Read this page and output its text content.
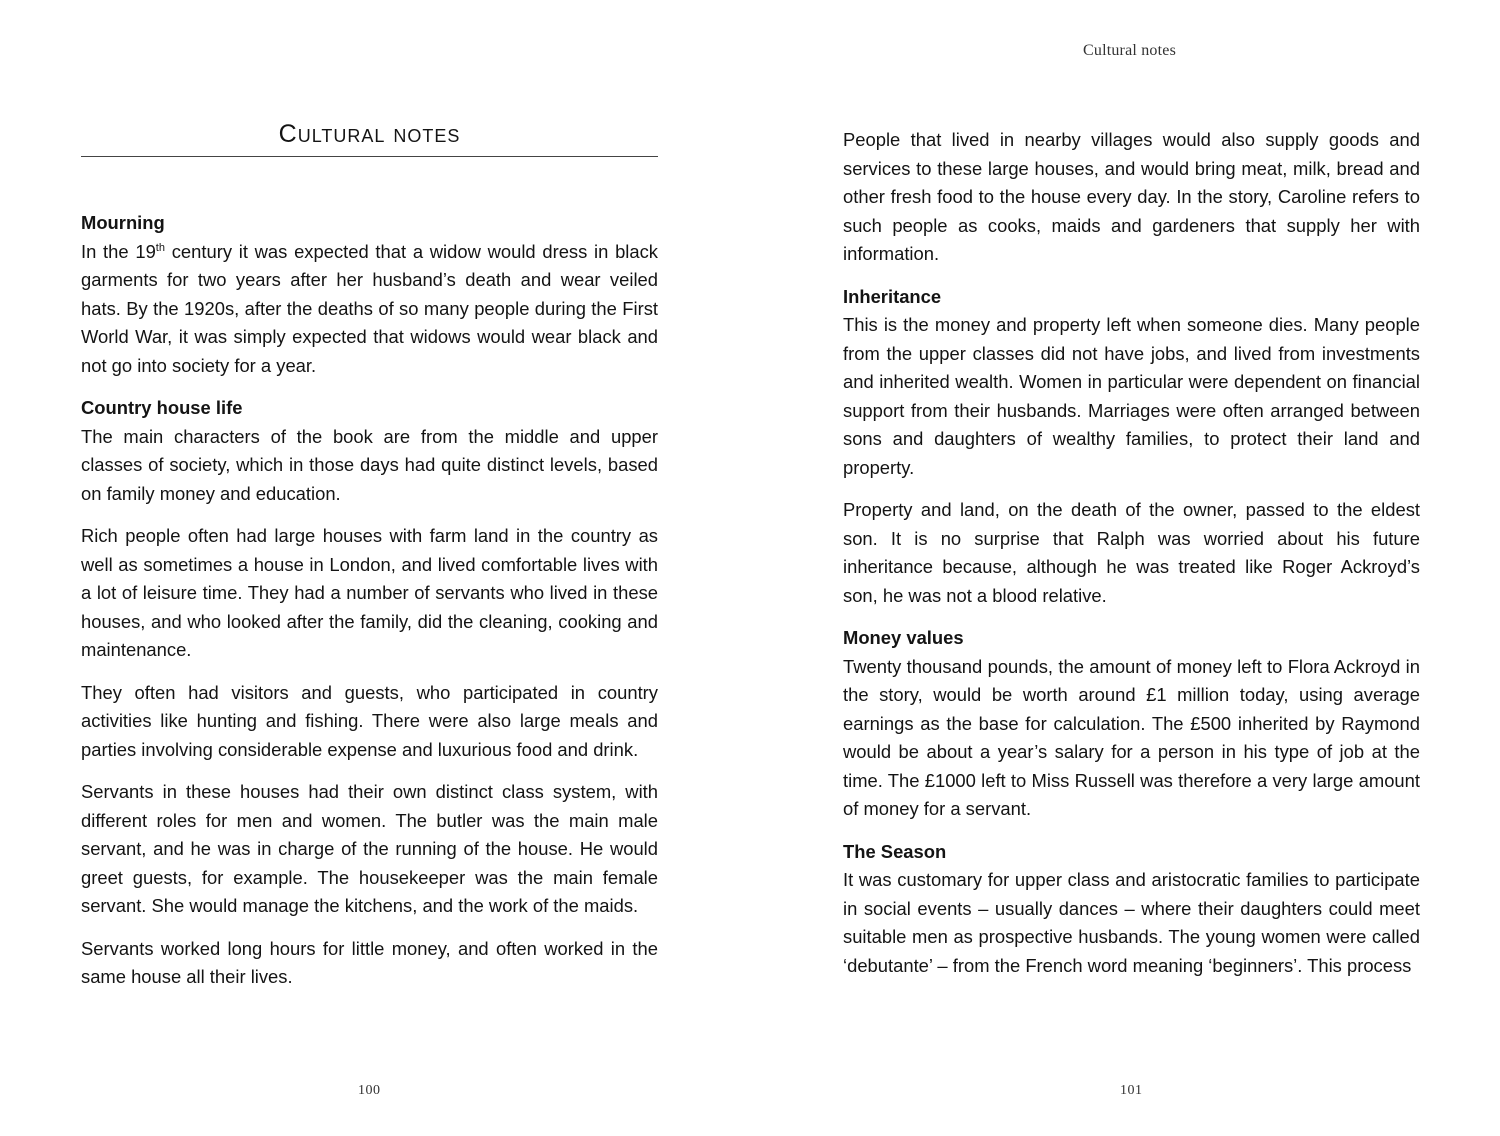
Cultural notes
Mourning

In the 19th century it was expected that a widow would dress in black garments for two years after her husband’s death and wear veiled hats. By the 1920s, after the deaths of so many people during the First World War, it was simply expected that widows would wear black and not go into society for a year.

Country house life

The main characters of the book are from the middle and upper classes of society, which in those days had quite distinct levels, based on family money and education.

Rich people often had large houses with farm land in the country as well as sometimes a house in London, and lived comfortable lives with a lot of leisure time. They had a number of servants who lived in these houses, and who looked after the family, did the cleaning, cooking and maintenance.

They often had visitors and guests, who participated in country activities like hunting and fishing. There were also large meals and parties involving considerable expense and luxurious food and drink.

Servants in these houses had their own distinct class system, with different roles for men and women. The butler was the main male servant, and he was in charge of the running of the house. He would greet guests, for example. The housekeeper was the main female servant. She would manage the kitchens, and the work of the maids.

Servants worked long hours for little money, and often worked in the same house all their lives.

100
Cultural notes

People that lived in nearby villages would also supply goods and services to these large houses, and would bring meat, milk, bread and other fresh food to the house every day. In the story, Caroline refers to such people as cooks, maids and gardeners that supply her with information.

Inheritance

This is the money and property left when someone dies. Many people from the upper classes did not have jobs, and lived from investments and inherited wealth. Women in particular were dependent on financial support from their husbands. Marriages were often arranged between sons and daughters of wealthy families, to protect their land and property.

Property and land, on the death of the owner, passed to the eldest son. It is no surprise that Ralph was worried about his future inheritance because, although he was treated like Roger Ackroyd’s son, he was not a blood relative.

Money values

Twenty thousand pounds, the amount of money left to Flora Ackroyd in the story, would be worth around £1 million today, using average earnings as the base for calculation. The £500 inherited by Raymond would be about a year’s salary for a person in his type of job at the time. The £1000 left to Miss Russell was therefore a very large amount of money for a servant.

The Season

It was customary for upper class and aristocratic families to participate in social events – usually dances – where their daughters could meet suitable men as prospective husbands. The young women were called ‘debutante’ – from the French word meaning ‘beginners’. This process

101
